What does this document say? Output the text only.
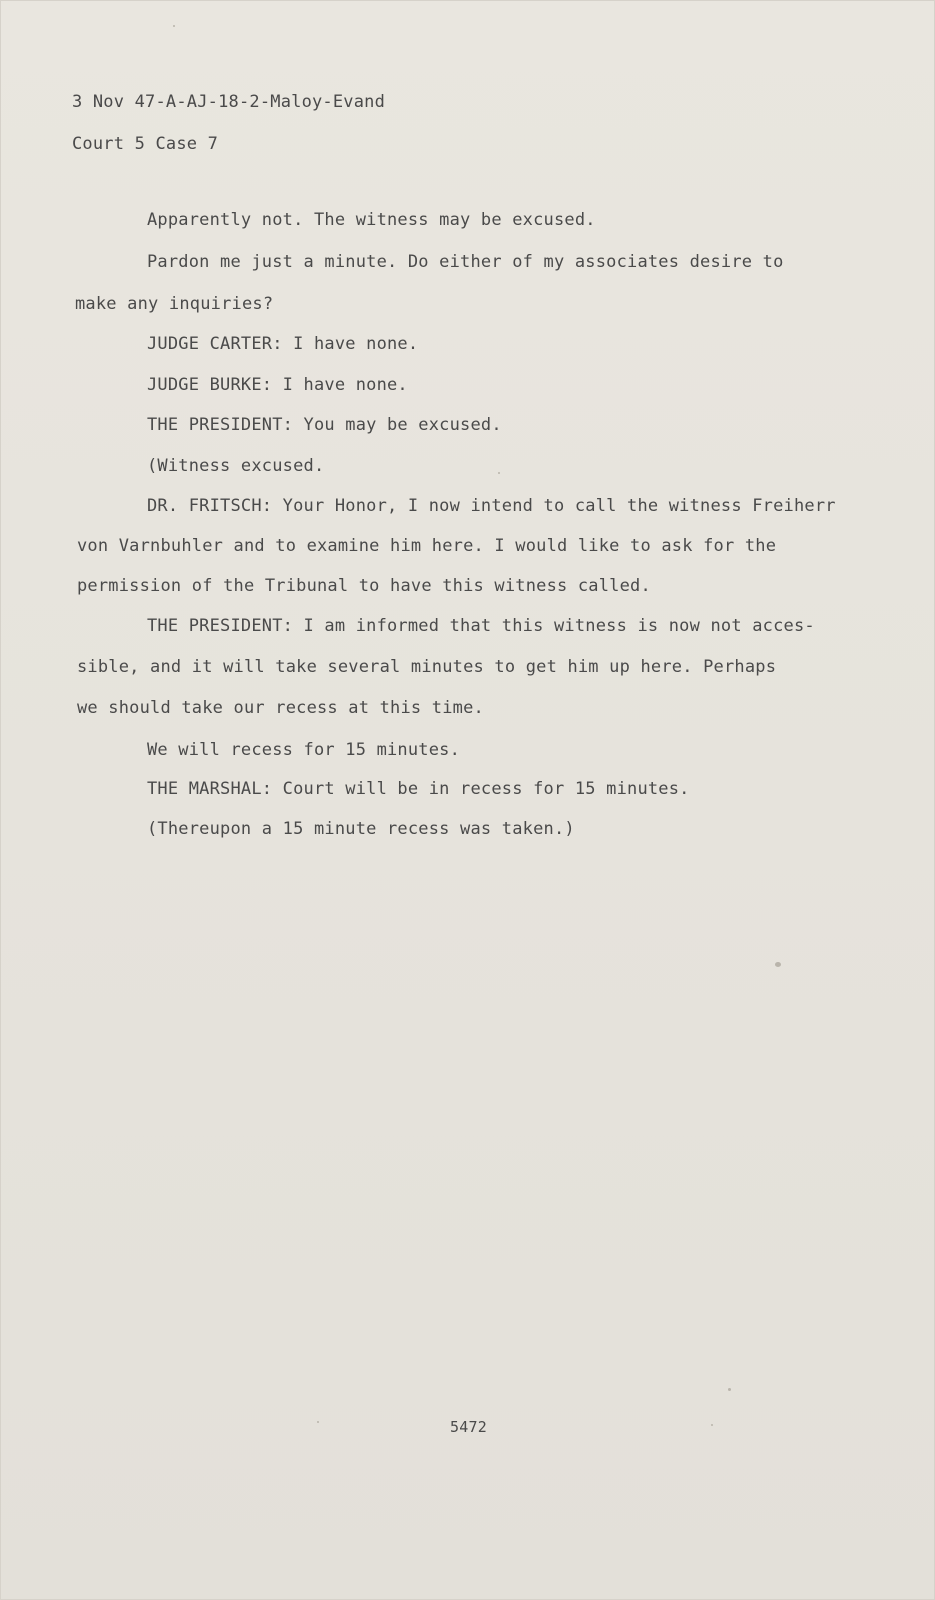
3 Nov 47-A-AJ-18-2-Maloy-Evand
Court 5 Case 7
Apparently not. The witness may be excused.
Pardon me just a minute. Do either of my associates desire to
make any inquiries?
JUDGE CARTER: I have none.
JUDGE BURKE: I have none.
THE PRESIDENT: You may be excused.
(Witness excused.
DR. FRITSCH: Your Honor, I now intend to call the witness Freiherr
von Varnbuhler and to examine him here. I would like to ask for the
permission of the Tribunal to have this witness called.
THE PRESIDENT: I am informed that this witness is now not acces-
sible, and it will take several minutes to get him up here. Perhaps
we should take our recess at this time.
We will recess for 15 minutes.
THE MARSHAL: Court will be in recess for 15 minutes.
(Thereupon a 15 minute recess was taken.)
5472
